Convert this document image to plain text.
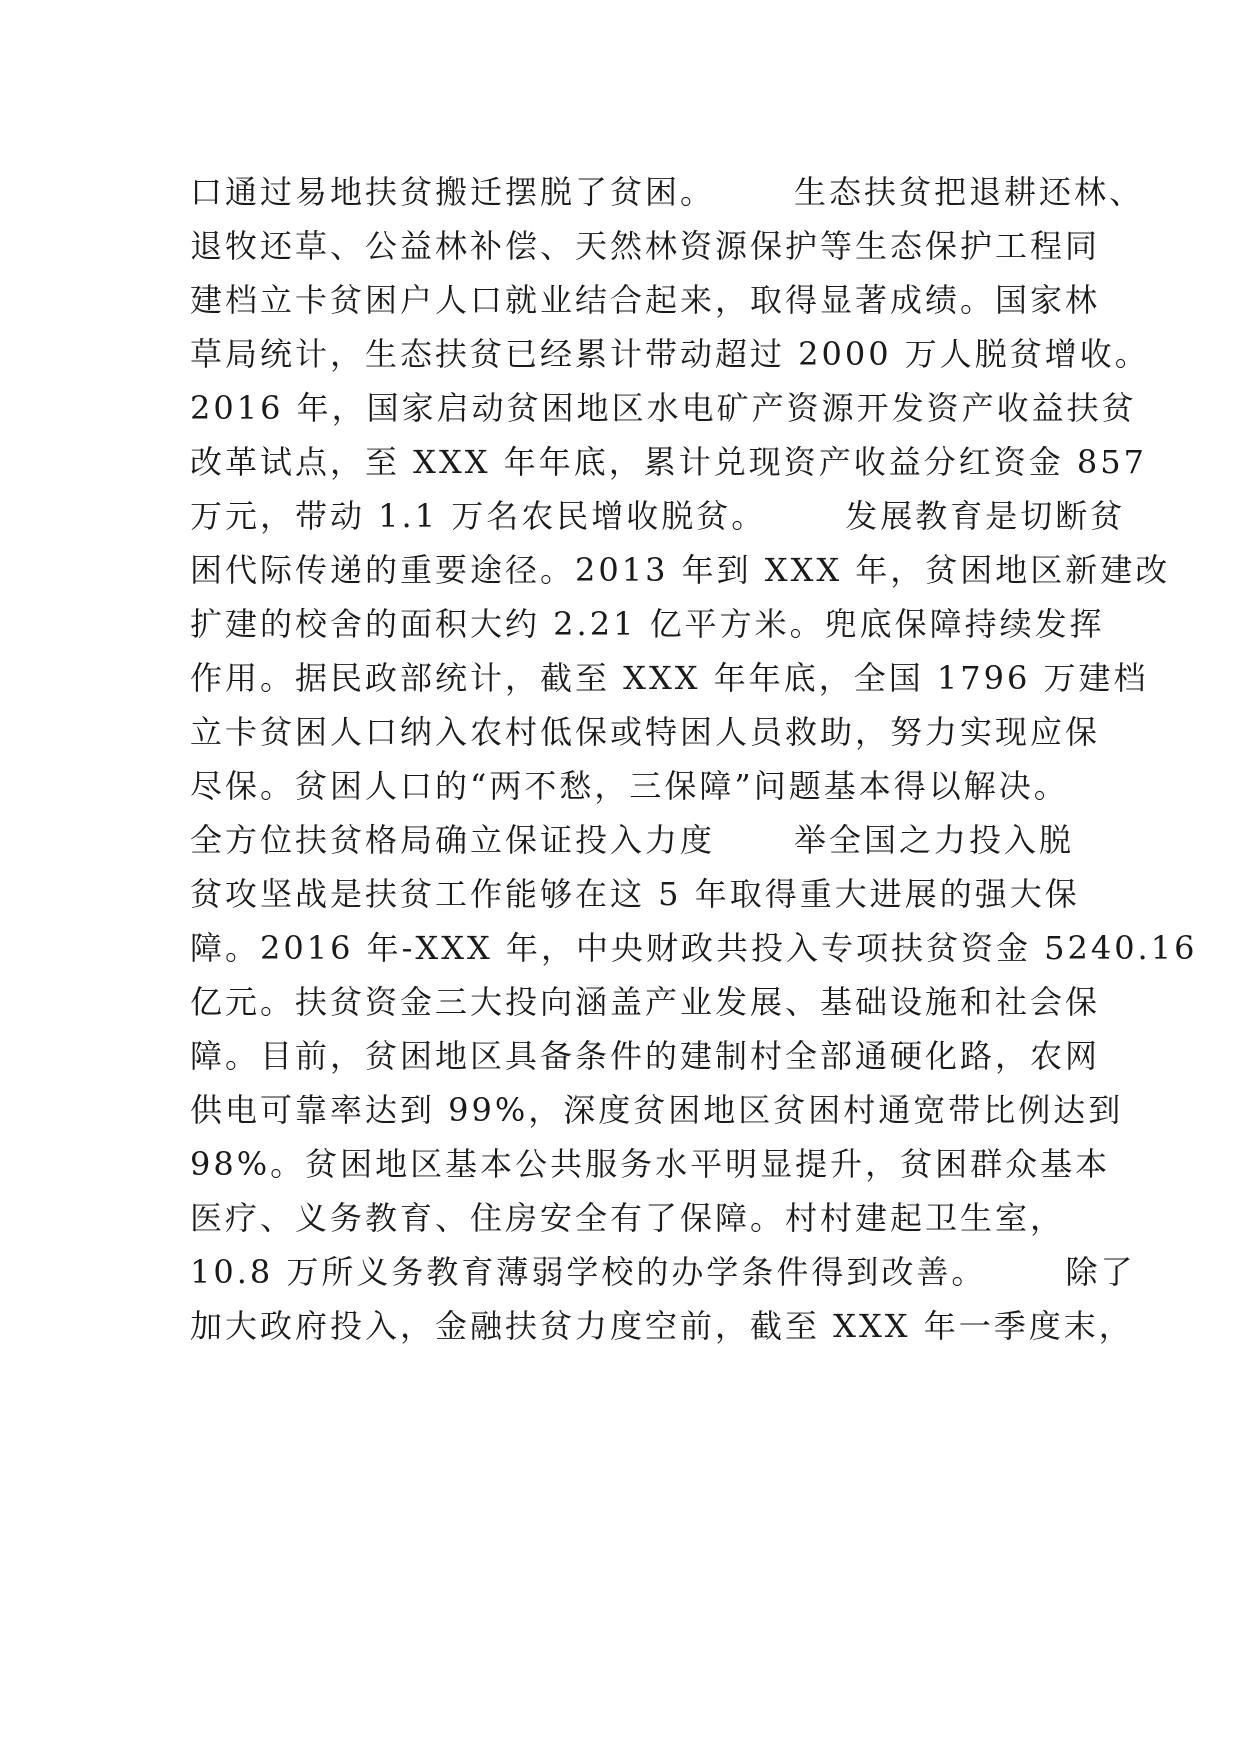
口通过易地扶贫搬迁摆脱了贫困。      生态扶贫把退耕还林、
退牧还草、公益林补偿、天然林资源保护等生态保护工程同
建档立卡贫困户人口就业结合起来，取得显著成绩。国家林
草局统计，生态扶贫已经累计带动超过 2000 万人脱贫增收。
2016 年，国家启动贫困地区水电矿产资源开发资产收益扶贫
改革试点，至 XXX 年年底，累计兑现资产收益分红资金 857
万元，带动 1.1 万名农民增收脱贫。      发展教育是切断贫
困代际传递的重要途径。2013 年到 XXX 年，贫困地区新建改
扩建的校舍的面积大约 2.21 亿平方米。兜底保障持续发挥
作用。据民政部统计，截至 XXX 年年底，全国 1796 万建档
立卡贫困人口纳入农村低保或特困人员救助，努力实现应保
尽保。贫困人口的“两不愁，三保障”问题基本得以解决。
全方位扶贫格局确立保证投入力度      举全国之力投入脱
贫攻坚战是扶贫工作能够在这 5 年取得重大进展的强大保
障。2016 年-XXX 年，中央财政共投入专项扶贫资金 5240.16
亿元。扶贫资金三大投向涵盖产业发展、基础设施和社会保
障。目前，贫困地区具备条件的建制村全部通硬化路，农网
供电可靠率达到 99%，深度贫困地区贫困村通宽带比例达到
98%。贫困地区基本公共服务水平明显提升，贫困群众基本
医疗、义务教育、住房安全有了保障。村村建起卫生室，
10.8 万所义务教育薄弱学校的办学条件得到改善。      除了
加大政府投入，金融扶贫力度空前，截至 XXX 年一季度末，
